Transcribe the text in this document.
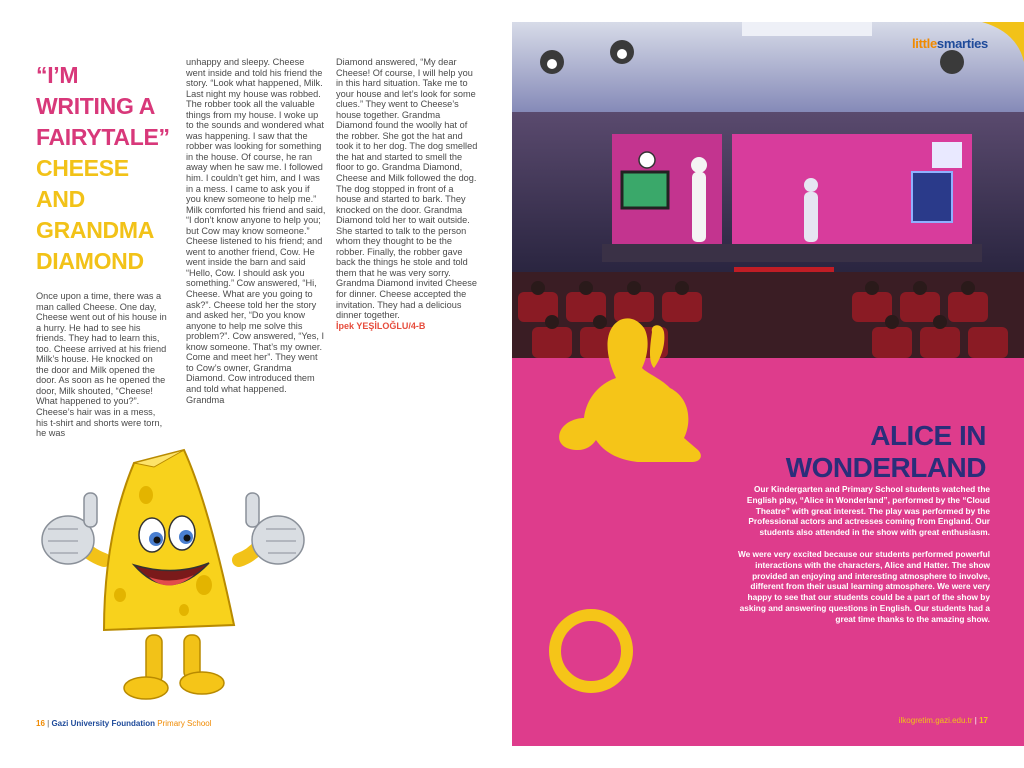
“I’M
WRITING A
FAIRYTALE”
CHEESE
AND
GRANDMA
DIAMOND

Once upon a time, there was a man called Cheese. One day, Cheese went out of his house in a hurry. He had to see his friends. They had to learn this, too. Cheese arrived at his friend Milk’s house. He knocked on the door and Milk opened the door. As soon as he opened the door, Milk shouted, “Cheese! What happened to you?”. Cheese’s hair was in a mess, his t-shirt and shorts were torn, he was

unhappy and sleepy. Cheese went inside and told his friend the story. “Look what happened, Milk. Last night my house was robbed. The robber took all the valuable things from my house. I woke up to the sounds and wondered what was happening. I saw that the robber was looking for something in the house. Of course, he ran away when he saw me. I followed him. I couldn’t get him, and I was in a mess. I came to ask you if you knew someone to help me.” Milk comforted his friend and said, “I don’t know anyone to help you; but Cow may know someone.” Cheese listened to his friend; and went to another friend, Cow. He went inside the barn and said “Hello, Cow. I should ask you something.” Cow answered, “Hi, Cheese. What are you going to ask?”. Cheese told her the story and asked her, “Do you know anyone to help me solve this problem?”. Cow answered, “Yes, I know someone. That’s my owner. Come and meet her”. They went to Cow’s owner, Grandma Diamond. Cow introduced them and told what happened. Grandma

Diamond answered, “My dear Cheese! Of course, I will help you in this hard situation. Take me to your house and let’s look for some clues.” They went to Cheese’s house together. Grandma Diamond found the woolly hat of the robber. She got the hat and took it to her dog. The dog smelled the hat and started to smell the floor to go. Grandma Diamond, Cheese and Milk followed the dog. The dog stopped in front of a house and started to bark. They knocked on the door. Grandma Diamond told her to wait outside. She started to talk to the person whom they thought to be the robber. Finally, the robber gave back the things he stole and told them that he was very sorry. Grandma Diamond invited Cheese for dinner. Cheese accepted the invitation. They had a delicious dinner together.

İpek YEŞİLOĞLU/4-B

16 | Gazi University Foundation Primary School
littlesmarties
ALICE IN
WONDERLAND

Our Kindergarten and Primary School students watched the English play, “Alice in Wonderland”, performed by the “Cloud Theatre” with great interest. The play was performed by the Professional actors and actresses coming from England. Our students also attended in the show with great enthusiasm.

We were very excited because our students performed powerful interactions with the characters, Alice and Hatter. The show provided an enjoying and interesting atmosphere to involve, different from their usual learning atmosphere. We were very happy to see that our students could be a part of the show by asking and answering questions in English. Our students had a great time thanks to the amazing show.

ilkogretim.gazi.edu.tr | 17
